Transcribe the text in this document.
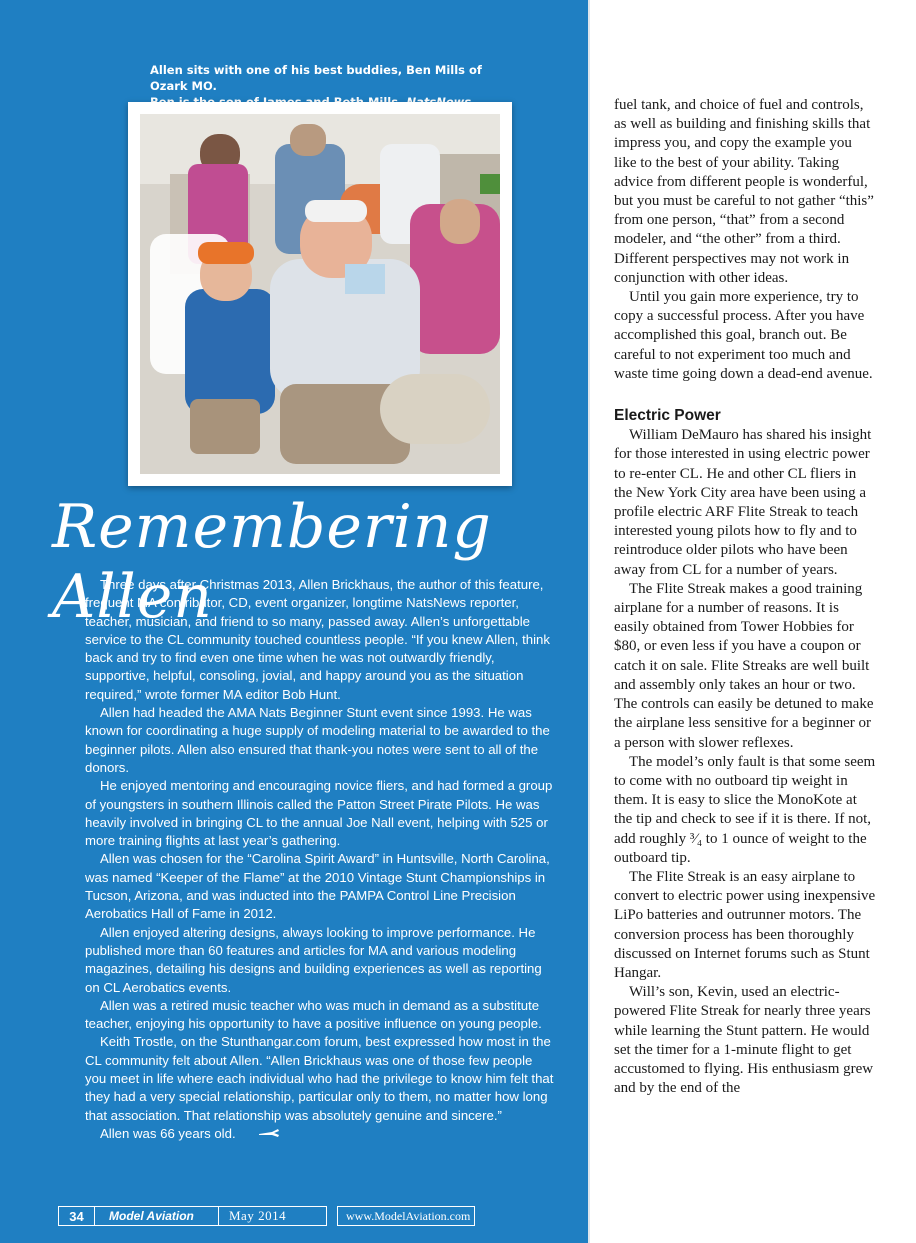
Allen sits with one of his best buddies, Ben Mills of Ozark MO.
Remembering Allen

Three days after Christmas 2013, Allen Brickhaus, the author of this feature, frequent MA contributor, CD, event organizer, longtime NatsNews reporter, teacher, musician, and friend to so many, passed away. Allen’s unforgettable service to the CL community touched countless people. “If you knew Allen, think back and try to find even one time when he was not outwardly friendly, supportive, helpful, consoling, jovial, and happy around you as the situation required,” wrote former MA editor Bob Hunt.

Allen had headed the AMA Nats Beginner Stunt event since 1993. He was known for coordinating a huge supply of modeling material to be awarded to the beginner pilots. Allen also ensured that thank-you notes were sent to all of the donors.

He enjoyed mentoring and encouraging novice fliers, and had formed a group of youngsters in southern Illinois called the Patton Street Pirate Pilots. He was heavily involved in bringing CL to the annual Joe Nall event, helping with 525 or more training flights at last year’s gathering.

Allen was chosen for the “Carolina Spirit Award” in Huntsville, North Carolina, was named “Keeper of the Flame” at the 2010 Vintage Stunt Championships in Tucson, Arizona, and was inducted into the PAMPA Control Line Precision Aerobatics Hall of Fame in 2012.

Allen enjoyed altering designs, always looking to improve performance. He published more than 60 features and articles for MA and various modeling magazines, detailing his designs and building experiences as well as reporting on CL Aerobatics events.

Allen was a retired music teacher who was much in demand as a substitute teacher, enjoying his opportunity to have a positive influence on young people.

Keith Trostle, on the Stunthangar.com forum, best expressed how most in the CL community felt about Allen. “Allen Brickhaus was one of those few people you meet in life where each individual who had the privilege to know him felt that they had a very special relationship, particular only to them, no matter how long that association. That relationship was absolutely genuine and sincere.”

Allen was 66 years old.

fuel tank, and choice of fuel and controls, as well as building and finishing skills that impress you, and copy the example you like to the best of your ability. Taking advice from different people is wonderful, but you must be careful to not gather “this” from one person, “that” from a second modeler, and “the other” from a third. Different perspectives may not work in conjunction with other ideas.

Until you gain more experience, try to copy a successful process. After you have accomplished this goal, branch out. Be careful to not experiment too much and waste time going down a dead-end avenue.

Electric Power

William DeMauro has shared his insight for those interested in using electric power to re-enter CL. He and other CL fliers in the New York City area have been using a profile electric ARF Flite Streak to teach interested young pilots how to fly and to reintroduce older pilots who have been away from CL for a number of years.

The Flite Streak makes a good training airplane for a number of reasons. It is easily obtained from Tower Hobbies for $80, or even less if you have a coupon or catch it on sale. Flite Streaks are well built and assembly only takes an hour or two. The controls can easily be detuned to make the airplane less sensitive for a beginner or a person with slower reflexes.

The model’s only fault is that some seem to come with no outboard tip weight in them. It is easy to slice the MonoKote at the tip and check to see if it is there. If not, add roughly ³⁄₄ to 1 ounce of weight to the outboard tip.

The Flite Streak is an easy airplane to convert to electric power using inexpensive LiPo batteries and outrunner motors. The conversion process has been thoroughly discussed on Internet forums such as Stunt Hangar.

Will’s son, Kevin, used an electric-powered Flite Streak for nearly three years while learning the Stunt pattern. He would set the timer for a 1-minute flight to get accustomed to flying. His enthusiasm grew and by the end of the

34	Model Aviation	May 2014	www.ModelAviation.com
